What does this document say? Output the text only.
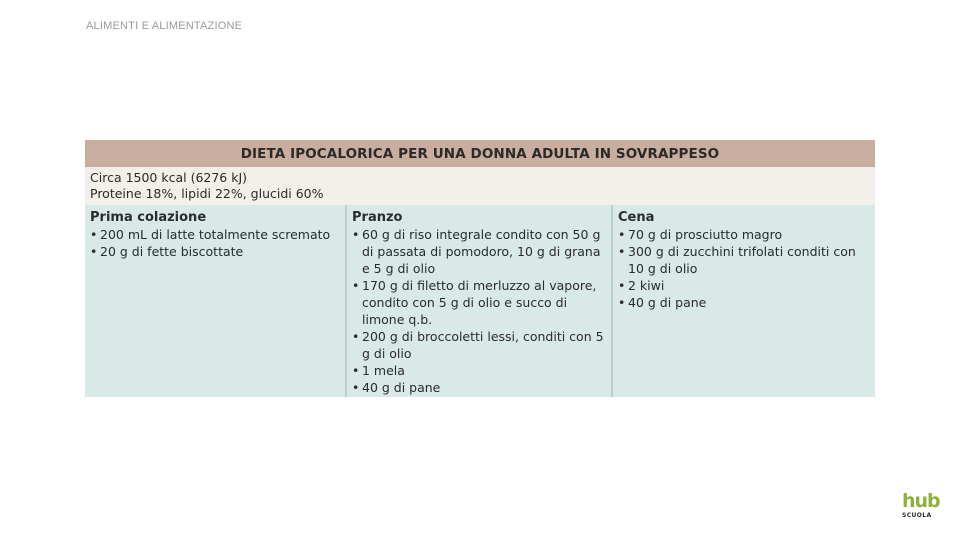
ALIMENTI E ALIMENTAZIONE
DIETA IPOCALORICA PER UNA DONNA ADULTA IN SOVRAPPESO
Circa 1500 kcal (6276 kJ)
Proteine 18%, lipidi 22%, glucidi 60%
Prima colazione
• 200 mL di latte totalmente scremato
• 20 g di fette biscottate
Pranzo
• 60 g di riso integrale condito con 50 g di passata di pomodoro, 10 g di grana e 5 g di olio
• 170 g di filetto di merluzzo al vapore, condito con 5 g di olio e succo di limone q.b.
• 200 g di broccoletti lessi, conditi con 5 g di olio
• 1 mela
• 40 g di pane
Cena
• 70 g di prosciutto magro
• 300 g di zucchini trifolati conditi con 10 g di olio
• 2 kiwi
• 40 g di pane
hub
SCUOLA
